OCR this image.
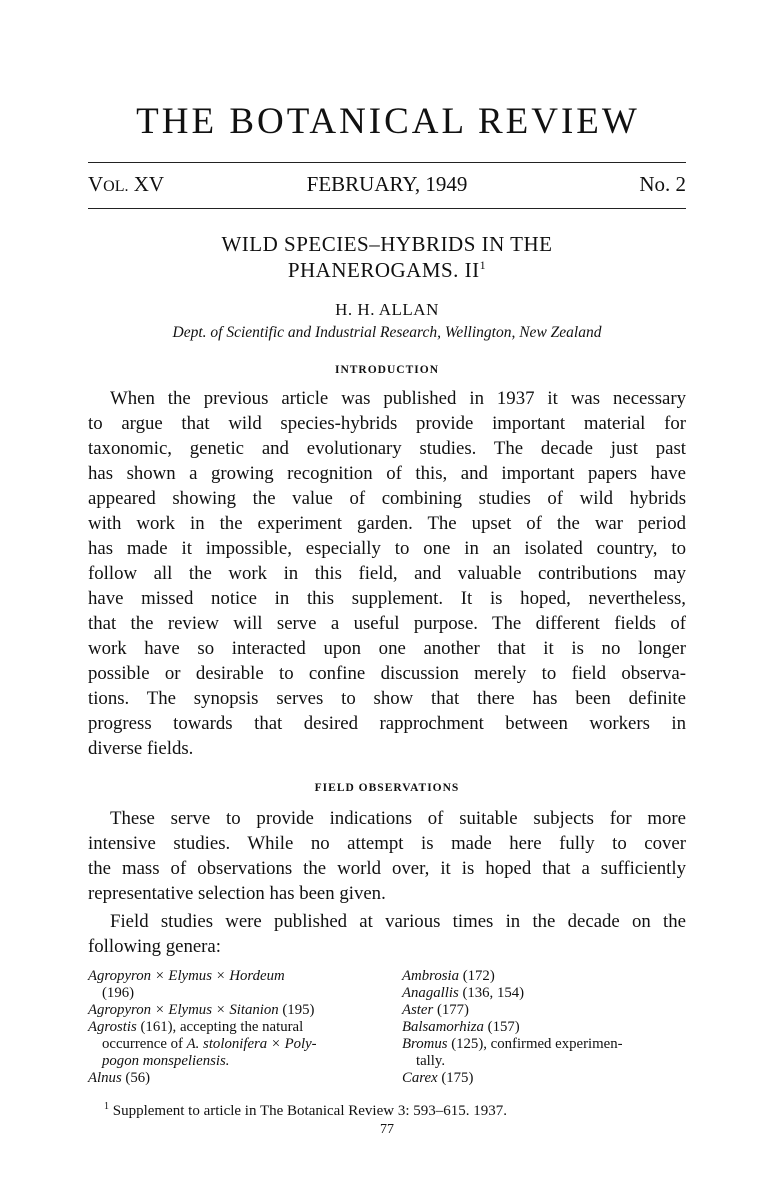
THE BOTANICAL REVIEW
VOL. XV	FEBRUARY, 1949	No. 2
WILD SPECIES–HYBRIDS IN THE
PHANEROGAMS. $II^1$
H. H. ALLAN
Dept. of Scientific and Industrial Research, Wellington, New Zealand
INTRODUCTION
When the previous article was published in 1937 it was necessary
to argue that wild species-hybrids provide important material for
taxonomic, genetic and evolutionary studies. The decade just past
has shown a growing recognition of this, and important papers have
appeared showing the value of combining studies of wild hybrids
with work in the experiment garden. The upset of the war period
has made it impossible, especially to one in an isolated country, to
follow all the work in this field, and valuable contributions may
have missed notice in this supplement. It is hoped, nevertheless,
that the review will serve a useful purpose. The different fields of
work have so interacted upon one another that it is no longer
possible or desirable to confine discussion merely to field observa-
tions. The synopsis serves to show that there has been definite
progress towards that desired rapprochment between workers in
diverse fields.
FIELD OBSERVATIONS
These serve to provide indications of suitable subjects for more
intensive studies. While no attempt is made here fully to cover
the mass of observations the world over, it is hoped that a sufficiently
representative selection has been given.
Field studies were published at various times in the decade on the
following genera:
Agropyron × Elymus × Hordeum
(196)
Agropyron × Elymus × Sitanion (195)
Agrostis (161), accepting the natural
occurrence of A. stolonifera × Poly-
pogon monspeliensis.
Alnus (56)
Ambrosia (172)
Anagallis (136, 154)
Aster (177)
Balsamorhiza (157)
Bromus (125), confirmed experimen-
tally.
Carex (175)
$^1$ Supplement to article in The Botanical Review 3: 593–615. 1937.
77
